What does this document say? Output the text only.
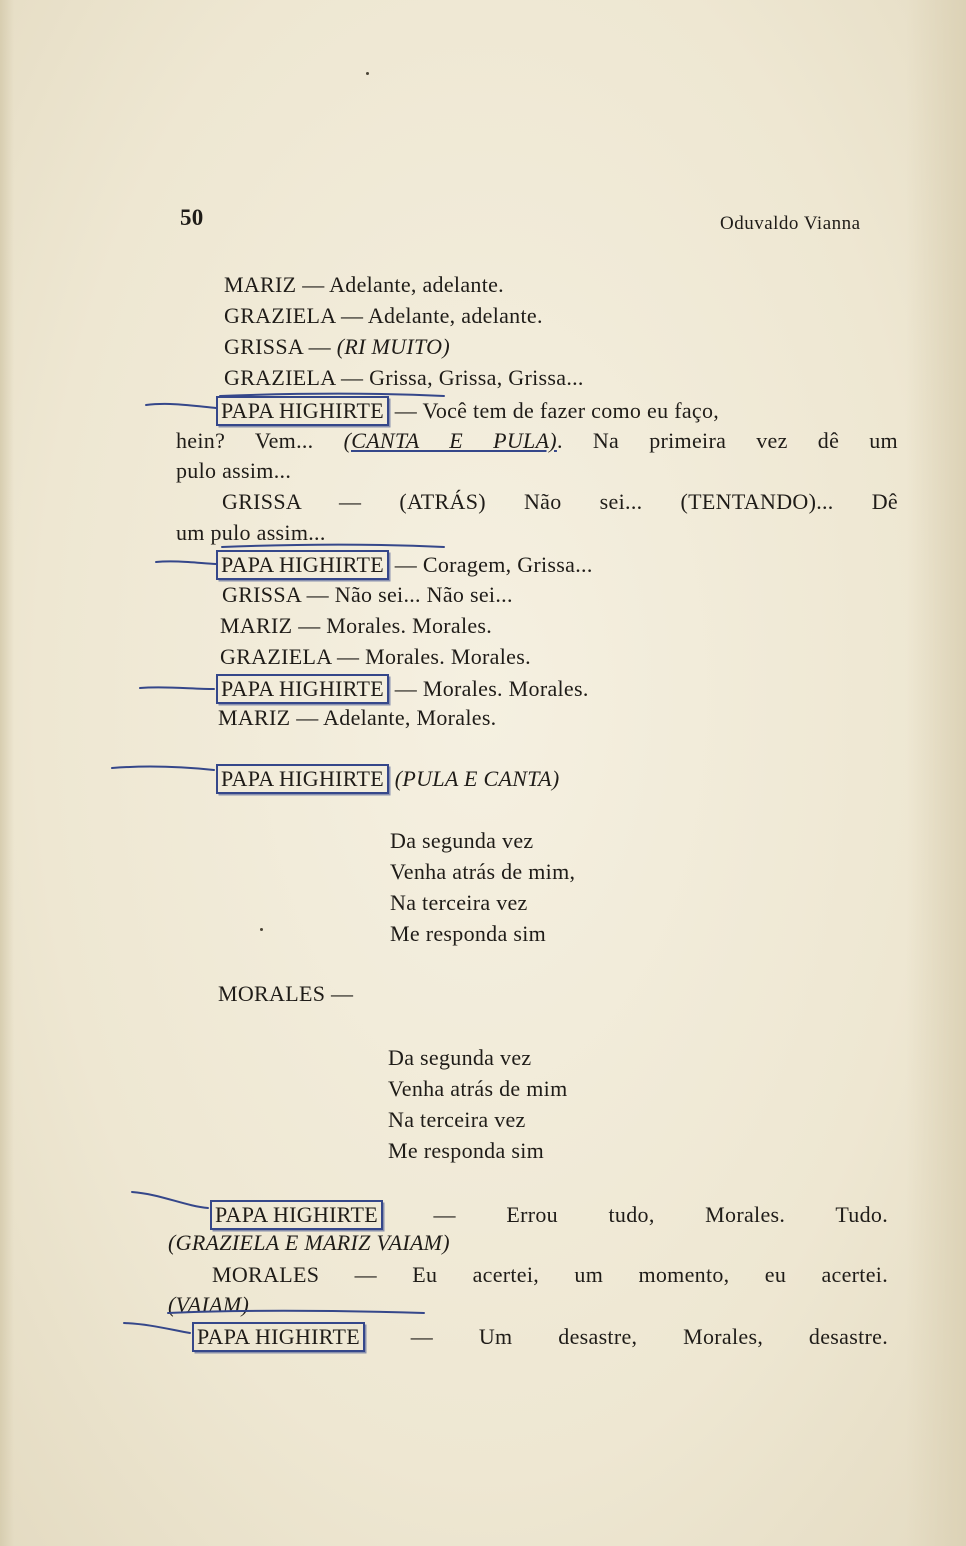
50	Oduvaldo Vianna
MARIZ — Adelante, adelante.
GRAZIELA — Adelante, adelante.
GRISSA — (RI MUITO)
GRAZIELA — Grissa, Grissa, Grissa...
PAPA HIGHIRTE — Você tem de fazer como eu faço,
hein? Vem... (CANTA E PULA). Na primeira vez dê um
pulo assim...
GRISSA — (ATRÁS) Não sei... (TENTANDO)... Dê
um pulo assim...
PAPA HIGHIRTE — Coragem, Grissa...
GRISSA — Não sei... Não sei...
MARIZ — Morales. Morales.
GRAZIELA — Morales. Morales.
PAPA HIGHIRTE — Morales. Morales.
MARIZ — Adelante, Morales.
PAPA HIGHIRTE (PULA E CANTA)
Da segunda vez
Venha atrás de mim,
Na terceira vez
Me responda sim
MORALES —
Da segunda vez
Venha atrás de mim
Na terceira vez
Me responda sim
PAPA HIGHIRTE	— Errou tudo, Morales. Tudo.
(GRAZIELA E MARIZ VAIAM)
MORALES — Eu acertei, um momento, eu acertei.
(VAIAM)
PAPA HIGHIRTE — Um desastre, Morales, desastre.
